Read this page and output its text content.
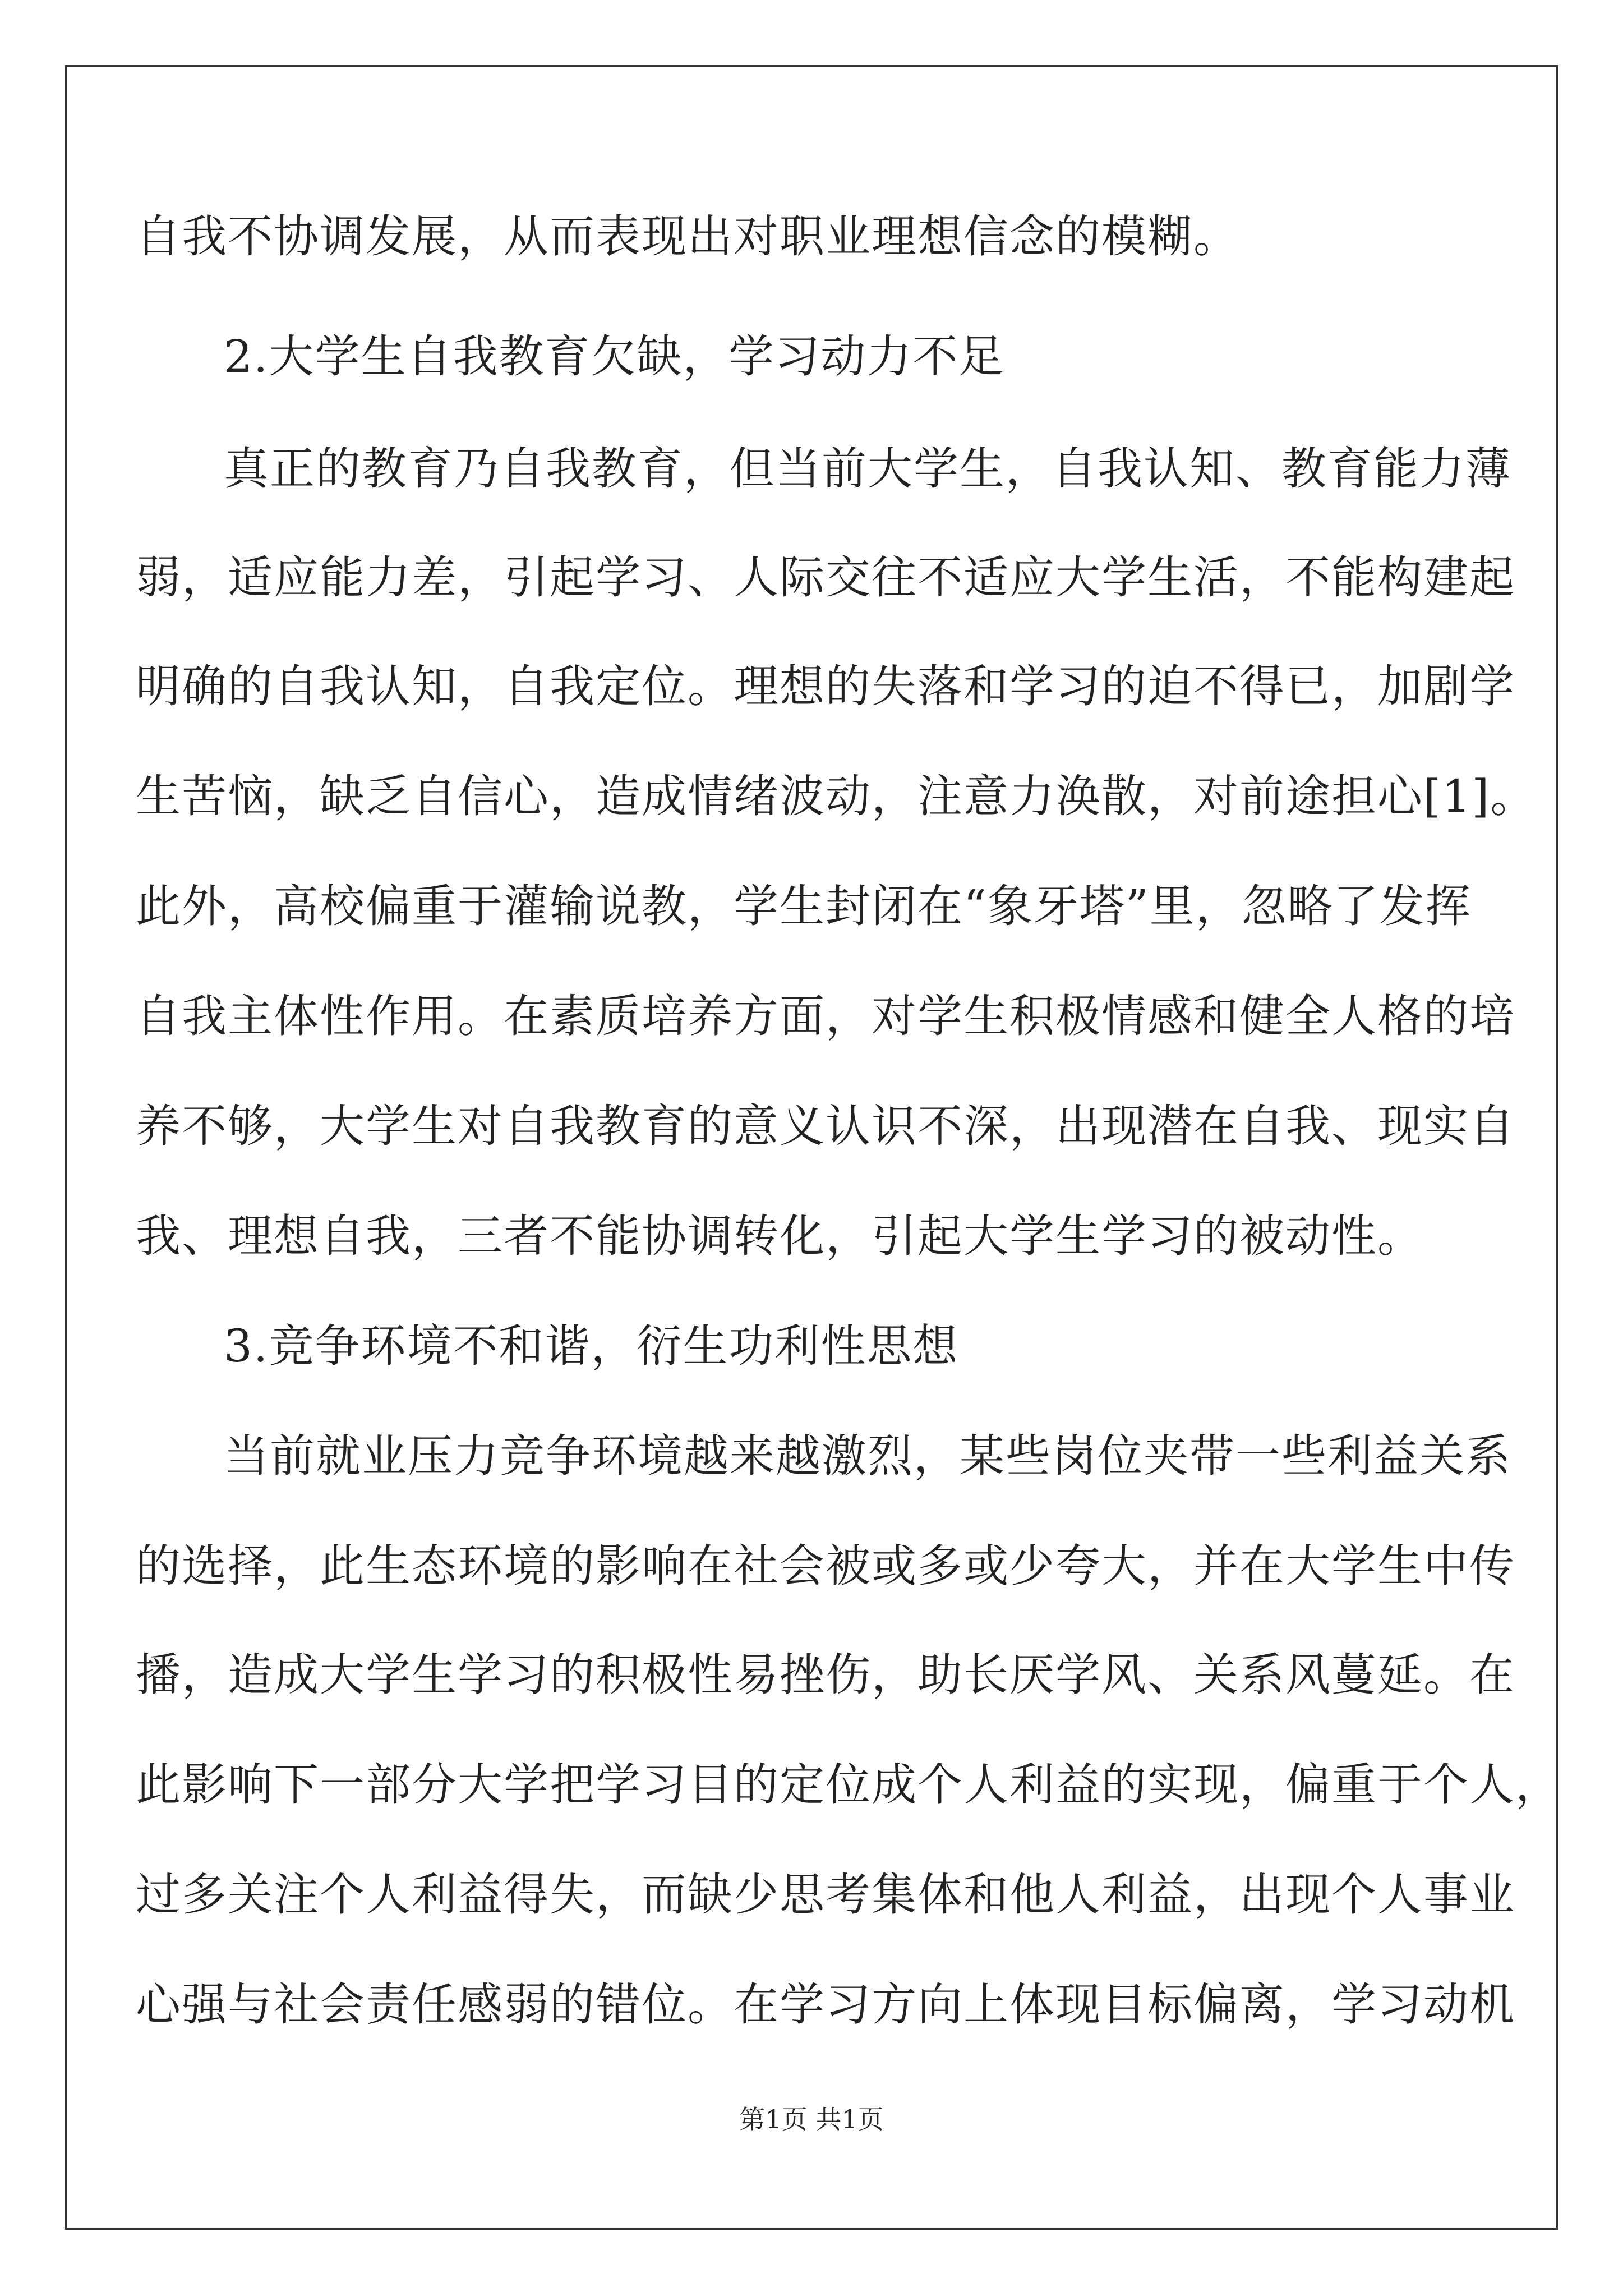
自我不协调发展，从而表现出对职业理想信念的模糊。
2.大学生自我教育欠缺，学习动力不足
真正的教育乃自我教育，但当前大学生，自我认知、教育能力薄
弱，适应能力差，引起学习、人际交往不适应大学生活，不能构建起
明确的自我认知，自我定位。理想的失落和学习的迫不得已，加剧学
生苦恼，缺乏自信心，造成情绪波动，注意力涣散，对前途担心[1]。
此外，高校偏重于灌输说教，学生封闭在“象牙塔”里，忽略了发挥
自我主体性作用。在素质培养方面，对学生积极情感和健全人格的培
养不够，大学生对自我教育的意义认识不深，出现潜在自我、现实自
我、理想自我，三者不能协调转化，引起大学生学习的被动性。
3.竞争环境不和谐，衍生功利性思想
当前就业压力竞争环境越来越激烈，某些岗位夹带一些利益关系
的选择，此生态环境的影响在社会被或多或少夸大，并在大学生中传
播，造成大学生学习的积极性易挫伤，助长厌学风、关系风蔓延。在
此影响下一部分大学把学习目的定位成个人利益的实现，偏重于个人，
过多关注个人利益得失，而缺少思考集体和他人利益，出现个人事业
心强与社会责任感弱的错位。在学习方向上体现目标偏离，学习动机
第1页 共1页
